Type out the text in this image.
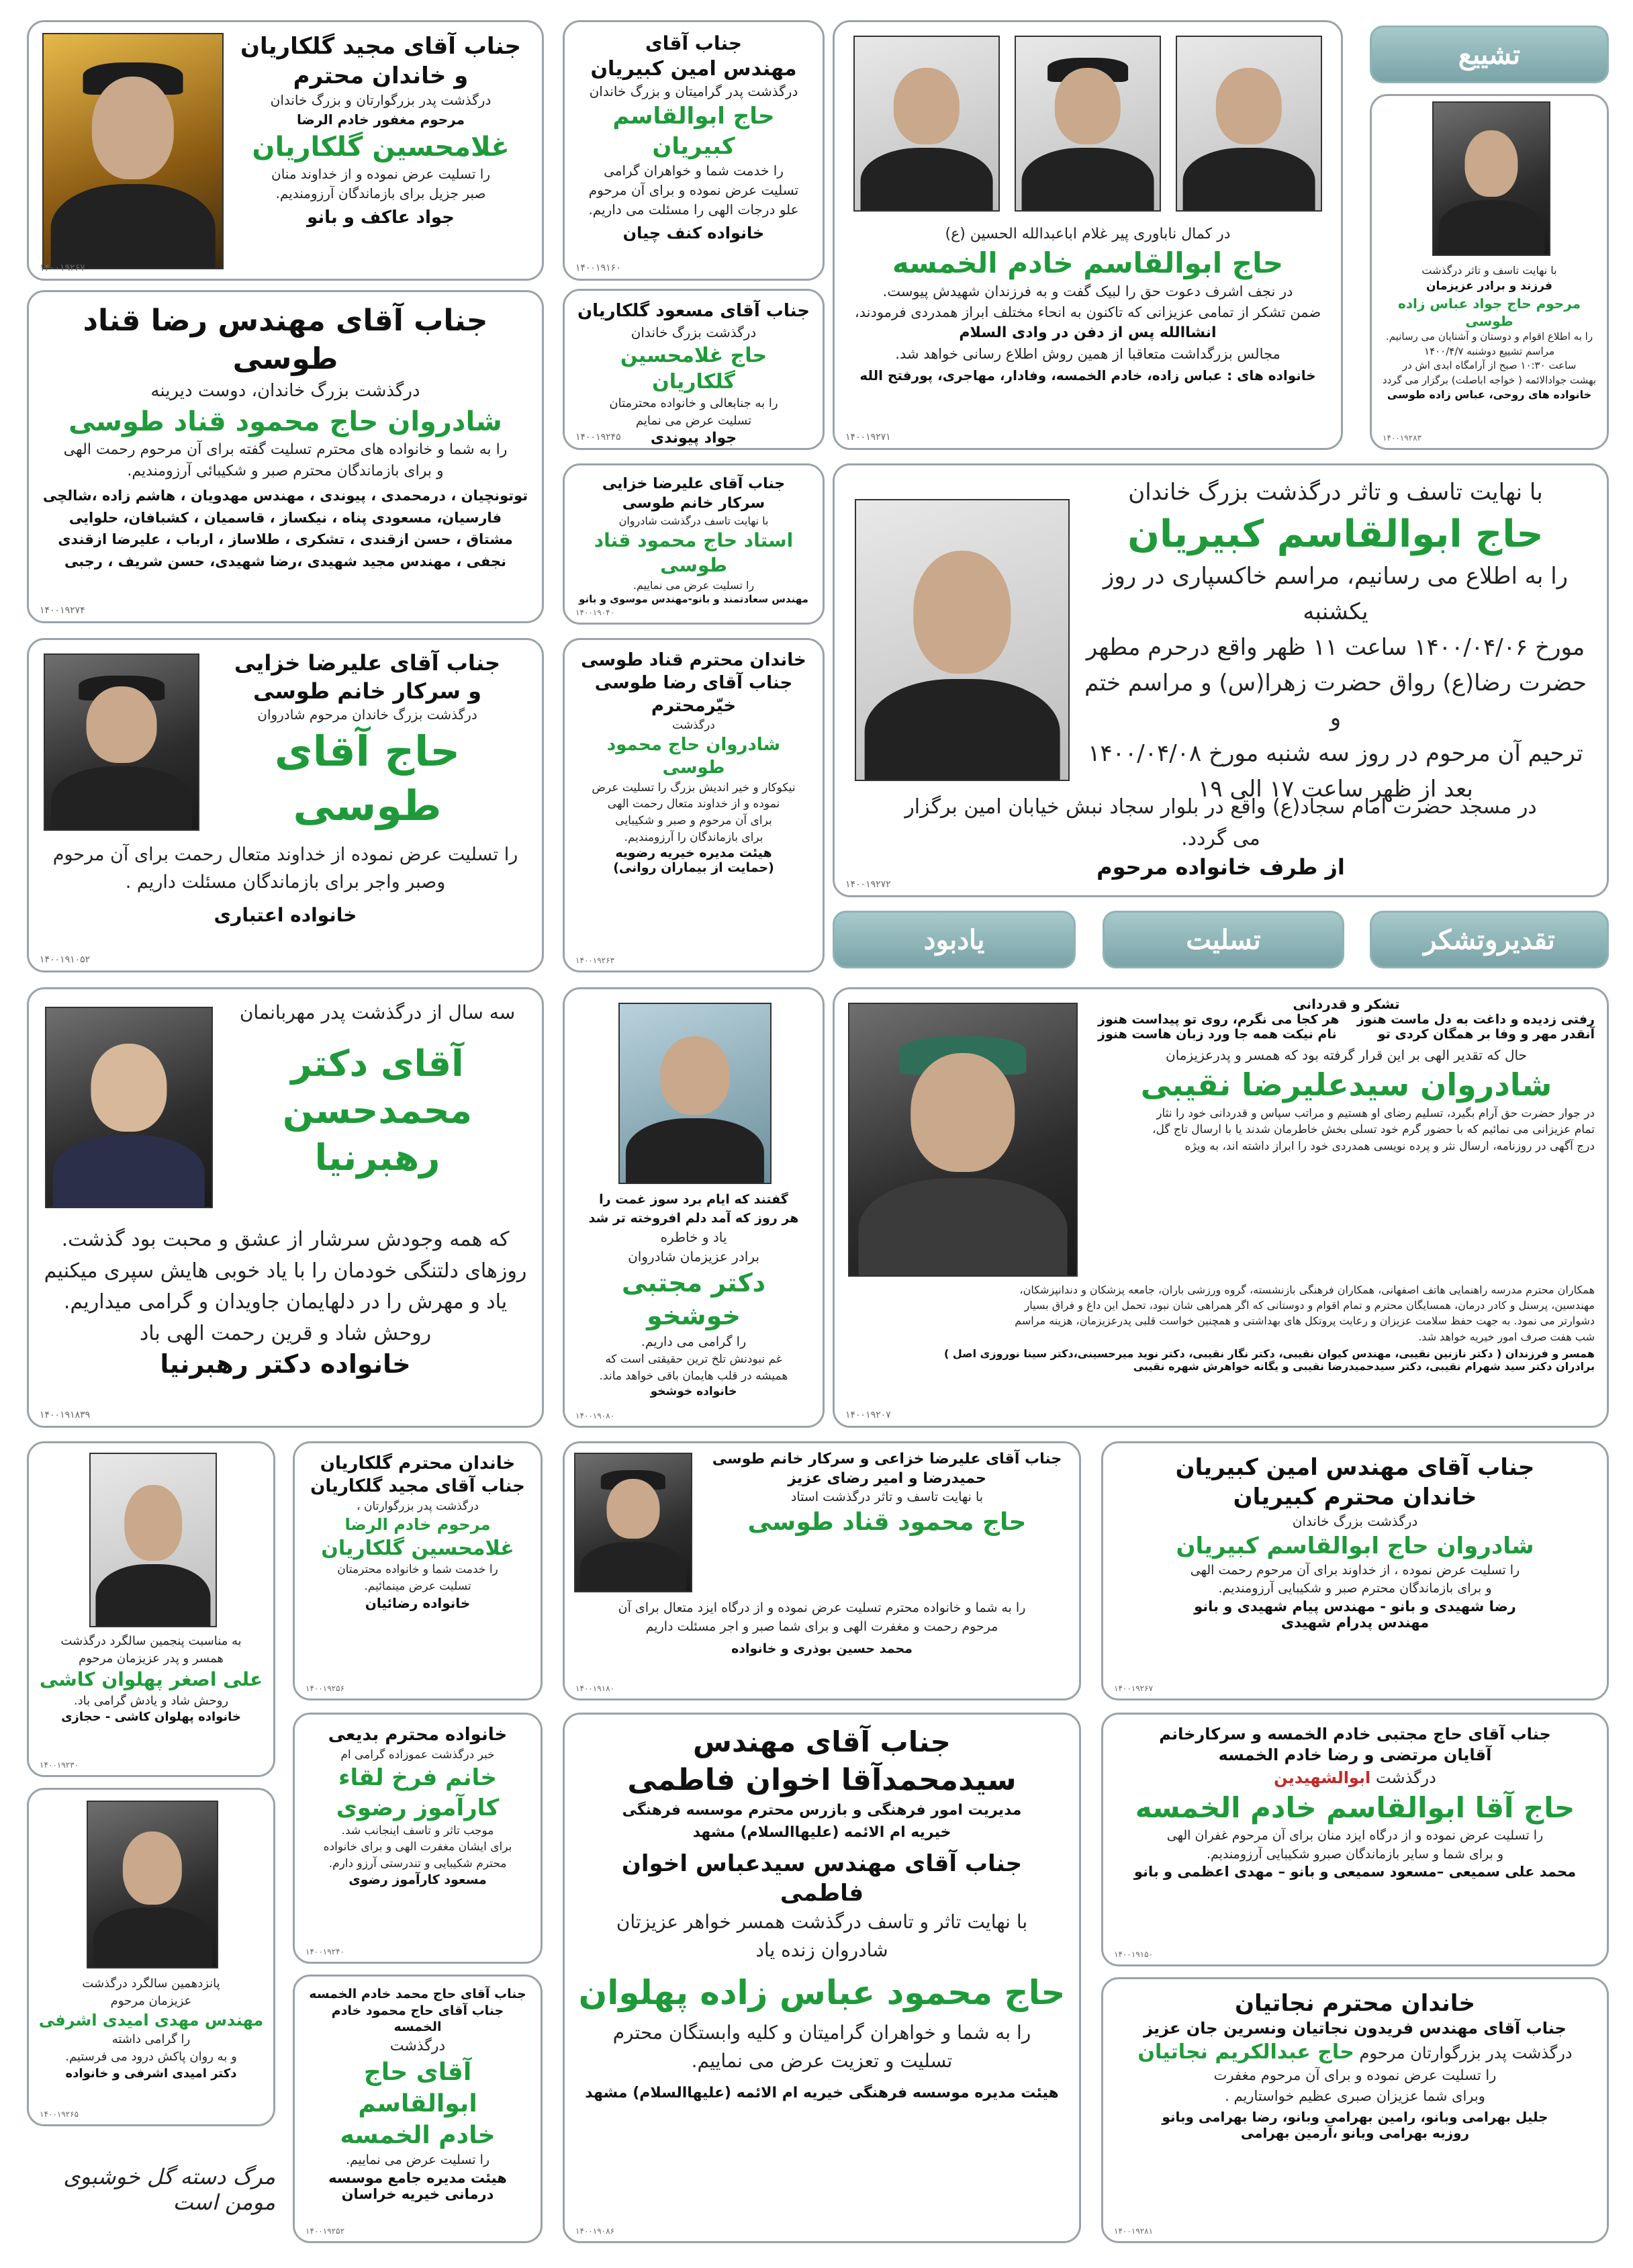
تشییع
تقدیروتشکر
تسلیت
یادبود
جناب آقای مجید گلکاریان
و خاندان محترم
درگذشت پدر بزرگوارتان و بزرگ خاندان
مرحوم مغفور خادم الرضا
غلامحسین گلکاریان
را تسلیت عرض نموده و از خداوند منان
صبر جزیل برای بازماندگان آرزومندیم.
جواد عاکف و بانو
۱۴۰۰۱۹۲۶۷
جناب آقای
مهندس امین کبیریان
درگذشت پدر گرامیتان و بزرگ خاندان
حاج ابوالقاسم کبیریان
را خدمت شما و خواهران گرامی
تسلیت عرض نموده و برای آن مرحوم
علو درجات الهی را مسئلت می داریم.
خانواده کنف چیان
۱۴۰۰۱۹۱۶۰
در کمال ناباوری پیر غلام اباعبدالله الحسین (ع)
حاج ابوالقاسم خادم الخمسه
در نجف اشرف دعوت حق را لبیک گفت و به فرزندان شهیدش پیوست.
ضمن تشکر از تمامی عزیزانی که تاکنون به انحاء مختلف ابراز همدردی فرمودند،
انشاالله پس از دفن در وادی السلام
مجالس بزرگداشت متعاقبا از همین روش اطلاع رسانی خواهد شد.
خانواده های : عباس زاده، خادم الخمسه، وفادار، مهاجری، پورفتح الله
۱۴۰۰۱۹۲۷۱
با نهایت تاسف و تاثر درگذشت
فرزند و برادر عزیزمان
مرحوم حاج جواد عباس زاده طوسی
را به اطلاع اقوام و دوستان و آشنایان می رسانیم.
مراسم تشییع دوشنبه ۱۴۰۰/۴/۷
ساعت ۱۰:۳۰ صبح از آرامگاه ابدی اش در
بهشت جوادالائمه ( خواجه اباصلت) برگزار می گردد
خانواده های روحی، عباس زاده طوسی
۱۴۰۰۱۹۲۸۳
جناب آقای مهندس رضا قناد طوسی
درگذشت بزرگ خاندان، دوست دیرینه
شادروان حاج محمود قناد طوسی
را به شما و خانواده های محترم تسلیت گفته برای آن مرحوم رحمت الهی
و برای بازماندگان محترم صبر و شکیبائی آرزومندیم.
توتونچیان ، درمحمدی ، پیوندی ، مهندس مهدویان ، هاشم زاده ،شالچی
فارسیان، مسعودی پناه ، نیکساز ، قاسمیان ، کشبافان، حلوایی
مشتاق ، حسن ازقندی ، تشکری ، طلاساز ، ارباب ، علیرضا ازقندی
نجفی ، مهندس مجید شهیدی ،رضا شهیدی، حسن شریف ، رجبی
۱۴۰۰۱۹۲۷۴
جناب آقای مسعود گلکاریان
درگذشت بزرگ خاندان
حاج غلامحسین گلکاریان
را به جنابعالی و خانواده محترمتان
تسلیت عرض می نمایم
جواد پیوندی
۱۴۰۰۱۹۲۴۵
جناب آقای علیرضا خزایی
سرکار خانم طوسی
با نهایت تاسف درگذشت شادروان
استاد حاج محمود قناد طوسی
را تسلیت عرض می نماییم.
مهندس سعادتمند و بانو-مهندس موسوی و بانو
۱۴۰۰۱۹۰۴۰
با نهایت تاسف و تاثر درگذشت بزرگ خاندان
حاج ابوالقاسم کبیریان
را به اطلاع می رسانیم، مراسم خاکسپاری در روز یکشنبه
مورخ ۱۴۰۰/۰۴/۰۶ ساعت ۱۱ ظهر واقع درحرم مطهر
حضرت رضا(ع) رواق حضرت زهرا(س) و مراسم ختم و
ترحیم آن مرحوم در روز سه شنبه مورخ ۱۴۰۰/۰۴/۰۸
بعد از ظهر ساعت ۱۷ الی ۱۹
در مسجد حضرت امام سجاد(ع) واقع در بلوار سجاد نبش خیابان امین برگزار
می گردد.
از طرف خانواده مرحوم
۱۴۰۰۱۹۲۷۲
جناب آقای علیرضا خزایی
و سرکار خانم طوسی
درگذشت بزرگ خاندان مرحوم شادروان
حاج آقای طوسی
را تسلیت عرض نموده از خداوند متعال رحمت برای آن مرحوم
وصبر واجر برای بازماندگان مسئلت داریم .
خانواده اعتباری
۱۴۰۰۱۹۱۰۵۲
خاندان محترم قناد طوسی
جناب آقای رضا طوسی
خیّرمحترم
درگذشت
شادروان حاج محمود طوسی
نیکوکار و خیر اندیش بزرگ را تسلیت عرض
نموده و از خداوند متعال رحمت الهی
برای آن مرحوم و صبر و شکیبایی
برای بازماندگان را آرزومندیم.
هیئت مدیره خیریه رضویه
(حمایت از بیماران روانی)
۱۴۰۰۱۹۲۶۳
سه سال از درگذشت پدر مهربانمان
آقای دکتر
محمدحسن رهبرنیا
که همه وجودش سرشار از عشق و محبت بود گذشت.
روزهای دلتنگی خودمان را با یاد خوبی هایش سپری میکنیم
یاد و مهرش را در دلهایمان جاویدان و گرامی میداریم.
روحش شاد و قرین رحمت الهی باد
خانواده دکتر رهبرنیا
۱۴۰۰۱۹۱۸۳۹
گفتند که ایام برد سوز غمت را
هر روز که آمد دلم افروخته تر شد
یاد و خاطره
برادر عزیزمان شادروان
دکتر مجتبی خوشخو
را گرامی می داریم.
غم نبودنش تلخ ترین حقیقتی است که
همیشه در قلب هایمان باقی خواهد ماند.
خانواده خوشخو
۱۴۰۰۱۹۰۸۰
تشکر و قدردانی
رفتی زدیده و داغت به دل ماست هنوز
هر کجا می نگرم، روی تو پیداست هنوز
آنقدر مهر و وفا بر همگان کردی تو
نام نیکت همه جا ورد زبان هاست هنوز
حال که تقدیر الهی بر این قرار گرفته بود که همسر و پدرعزیزمان
شادروان سیدعلیرضا نقیبی
در جوار حضرت حق آرام بگیرد، تسلیم رضای او هستیم و مراتب سپاس و قدردانی خود را نثار
تمام عزیزانی می نمائیم که با حضور گرم خود تسلی بخش خاطرمان شدند یا با ارسال تاج گل،
درج آگهی در روزنامه، ارسال نثر و پرده نویسی همدردی خود را ابراز داشته اند، به ویژه
همکاران محترم مدرسه راهنمایی هاتف اصفهانی، همکاران فرهنگی بازنشسته، گروه ورزشی باران، جامعه پزشکان و دندانپزشکان،
مهندسین، پرسنل و کادر درمان، همسایگان محترم و تمام اقوام و دوستانی که اگر همراهی شان نبود، تحمل این داغ و فراق بسیار
دشوارتر می نمود. به جهت حفظ سلامت عزیزان و رعایت پروتکل های بهداشتی و همچنین خواست قلبی پدرعزیزمان، هزینه مراسم
شب هفت صرف امور خیریه خواهد شد.
همسر و فرزندان ( دکتر نازنین نقیبی، مهندس کیوان نقیبی، دکتر نگار نقیبی، دکتر نوید میرحسینی،دکتر سینا نوروزی اصل )
برادران دکتر سید شهرام نقیبی، دکتر سیدحمیدرضا نقیبی و یگانه خواهرش شهره نقیبی
۱۴۰۰۱۹۲۰۷
به مناسبت پنجمین سالگرد درگذشت
همسر و پدر عزیزمان مرحوم
علی اصغر پهلوان کاشی
روحش شاد و یادش گرامی باد.
خانواده پهلوان کاشی - حجازی
۱۴۰۰۱۹۲۳۰
خاندان محترم گلکاریان
جناب آقای مجید گلکاریان
درگذشت پدر بزرگوارتان ،
مرحوم خادم الرضا
غلامحسین گلکاریان
را خدمت شما و خانواده محترمتان
تسلیت عرض مینمائیم.
خانواده رضائیان
۱۴۰۰۱۹۲۵۶
جناب آقای علیرضا خزاعی و سرکار خانم طوسی
حمیدرضا و امیر رضای عزیز
با نهایت تاسف و تاثر درگذشت استاد
حاج محمود قناد طوسی
را به شما و خانواده محترم تسلیت عرض نموده و از درگاه ایزد متعال برای آن
مرحوم رحمت و مغفرت الهی و برای شما صبر و اجر مسئلت داریم
محمد حسین بوذری و خانواده
۱۴۰۰۱۹۱۸۰
جناب آقای مهندس امین کبیریان
خاندان محترم کبیریان
درگذشت بزرگ خاندان
شادروان حاج ابوالقاسم کبیریان
را تسلیت عرض نموده ، از خداوند برای آن مرحوم رحمت الهی
و برای بازماندگان محترم صبر و شکیبایی آرزومندیم.
رضا شهیدی و بانو - مهندس پیام شهیدی و بانو
مهندس پدرام شهیدی
۱۴۰۰۱۹۲۶۷
خانواده محترم بدیعی
خبر درگذشت عموزاده گرامی ام
خانم فرخ لقاء
کارآموز رضوی
موجب تاثر و تاسف اینجانب شد.
برای ایشان مغفرت الهی و برای خانواده
محترم شکیبایی و تندرستی آرزو دارم.
مسعود کارآموز رضوی
۱۴۰۰۱۹۲۴۰
جناب آقای مهندس
سیدمحمدآقا اخوان فاطمی
مدیریت امور فرهنگی و بازرس محترم موسسه فرهنگی
خیریه ام الائمه (علیهاالسلام) مشهد
جناب آقای مهندس سیدعباس اخوان فاطمی
با نهایت تاثر و تاسف درگذشت همسر خواهر عزیزتان
شادروان زنده یاد
حاج محمود عباس زاده پهلوان
را به شما و خواهران گرامیتان و کلیه وابستگان محترم
تسلیت و تعزیت عرض می نماییم.
هیئت مدیره موسسه فرهنگی خیریه ام الائمه (علیهاالسلام) مشهد
۱۴۰۰۱۹۰۸۶
جناب آقای حاج مجتبی خادم الخمسه و سرکارخانم
آقایان مرتضی و رضا خادم الخمسه
درگذشت ابوالشهیدین
حاج آقا ابوالقاسم خادم الخمسه
را تسلیت عرض نموده و از درگاه ایزد منان برای آن مرحوم غفران الهی
و برای شما و سایر بازماندگان صبرو شکیبایی آرزومندیم.
محمد علی سمیعی –مسعود سمیعی و بانو – مهدی اعظمی و بانو
۱۴۰۰۱۹۱۵۰
پانزدهمین سالگرد درگذشت
عزیزمان مرحوم
مهندس مهدی امیدی اشرفی
را گرامی داشته
و به روان پاکش درود می فرستیم.
دکتر امیدی اشرفی و خانواده
۱۴۰۰۱۹۲۶۵
جناب آقای حاج محمد خادم الخمسه
جناب آقای حاج محمود خادم الخمسه
درگذشت
آقای حاج ابوالقاسم
خادم الخمسه
را تسلیت عرض می نماییم.
هیئت مدیره جامع موسسه
درمانی خیریه خراسان
۱۴۰۰۱۹۲۵۲
خاندان محترم نجاتیان
جناب آقای مهندس فریدون نجاتیان ونسرین جان عزیز
درگذشت پدر بزرگوارتان مرحوم حاج عبدالکریم نجاتیان
را تسلیت عرض نموده و برای آن مرحوم مغفرت
وبرای شما عزیزان صبری عظیم خواستاریم .
جلیل بهرامی وبانو، رامین بهرامی وبانو، رضا بهرامی وبانو
روزبه بهرامی وبانو ،آرمین بهرامی
۱۴۰۰۱۹۲۸۱
مرگ دسته گل خوشبوی مومن است
